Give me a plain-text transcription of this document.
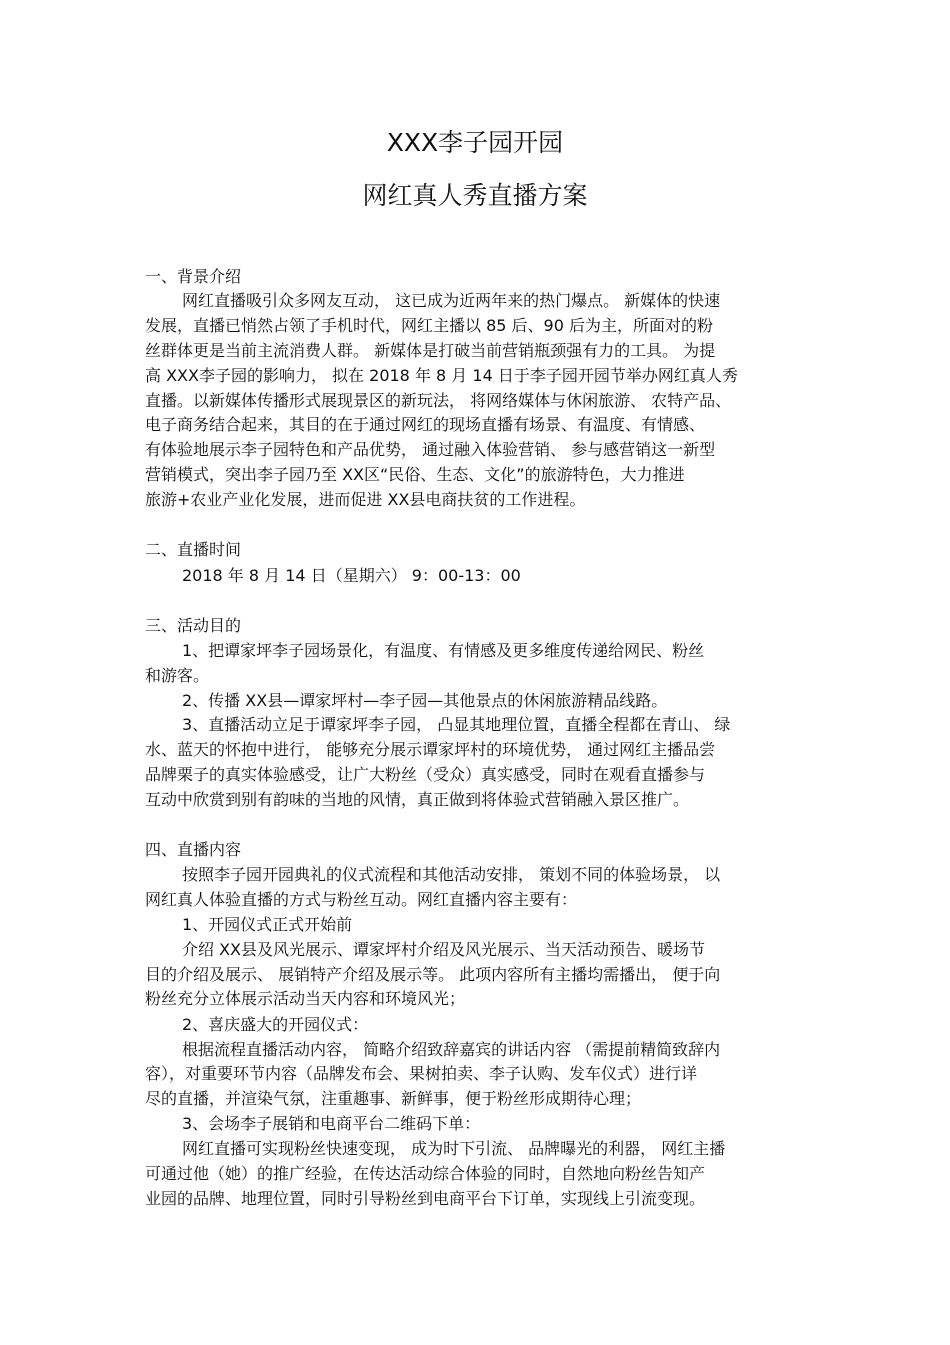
XXX李子园开园
网红真人秀直播方案
一、背景介绍
网红直播吸引众多网友互动， 这已成为近两年来的热门爆点。 新媒体的快速
发展，直播已悄然占领了手机时代，网红主播以 85 后、90 后为主，所面对的粉
丝群体更是当前主流消费人群。 新媒体是打破当前营销瓶颈强有力的工具。 为提
高 XXX李子园的影响力， 拟在 2018 年 8 月 14 日于李子园开园节举办网红真人秀
直播。以新媒体传播形式展现景区的新玩法， 将网络媒体与休闲旅游、 农特产品、
电子商务结合起来，其目的在于通过网红的现场直播有场景、有温度、有情感、
有体验地展示李子园特色和产品优势， 通过融入体验营销、 参与感营销这一新型
营销模式，突出李子园乃至 XX区“民俗、生态、文化”的旅游特色，大力推进
旅游+农业产业化发展，进而促进 XX县电商扶贫的工作进程。
二、直播时间
2018 年 8 月 14 日（星期六） 9：00-13：00
三、活动目的
1、把谭家坪李子园场景化，有温度、有情感及更多维度传递给网民、粉丝
和游客。
2、传播 XX县—谭家坪村—李子园—其他景点的休闲旅游精品线路。
3、直播活动立足于谭家坪李子园， 凸显其地理位置，直播全程都在青山、 绿
水、蓝天的怀抱中进行， 能够充分展示谭家坪村的环境优势， 通过网红主播品尝
品牌栗子的真实体验感受，让广大粉丝（受众）真实感受，同时在观看直播参与
互动中欣赏到别有韵味的当地的风情，真正做到将体验式营销融入景区推广。
四、直播内容
按照李子园开园典礼的仪式流程和其他活动安排， 策划不同的体验场景， 以
网红真人体验直播的方式与粉丝互动。网红直播内容主要有：
1、开园仪式正式开始前
介绍 XX县及风光展示、谭家坪村介绍及风光展示、当天活动预告、暖场节
目的介绍及展示、 展销特产介绍及展示等。 此项内容所有主播均需播出， 便于向
粉丝充分立体展示活动当天内容和环境风光；
2、喜庆盛大的开园仪式：
根据流程直播活动内容， 简略介绍致辞嘉宾的讲话内容 （需提前精简致辞内
容），对重要环节内容（品牌发布会、果树拍卖、李子认购、发车仪式）进行详
尽的直播，并渲染气氛，注重趣事、新鲜事，便于粉丝形成期待心理；
3、会场李子展销和电商平台二维码下单：
网红直播可实现粉丝快速变现， 成为时下引流、 品牌曝光的利器， 网红主播
可通过他（她）的推广经验，在传达活动综合体验的同时，自然地向粉丝告知产
业园的品牌、地理位置，同时引导粉丝到电商平台下订单，实现线上引流变现。
